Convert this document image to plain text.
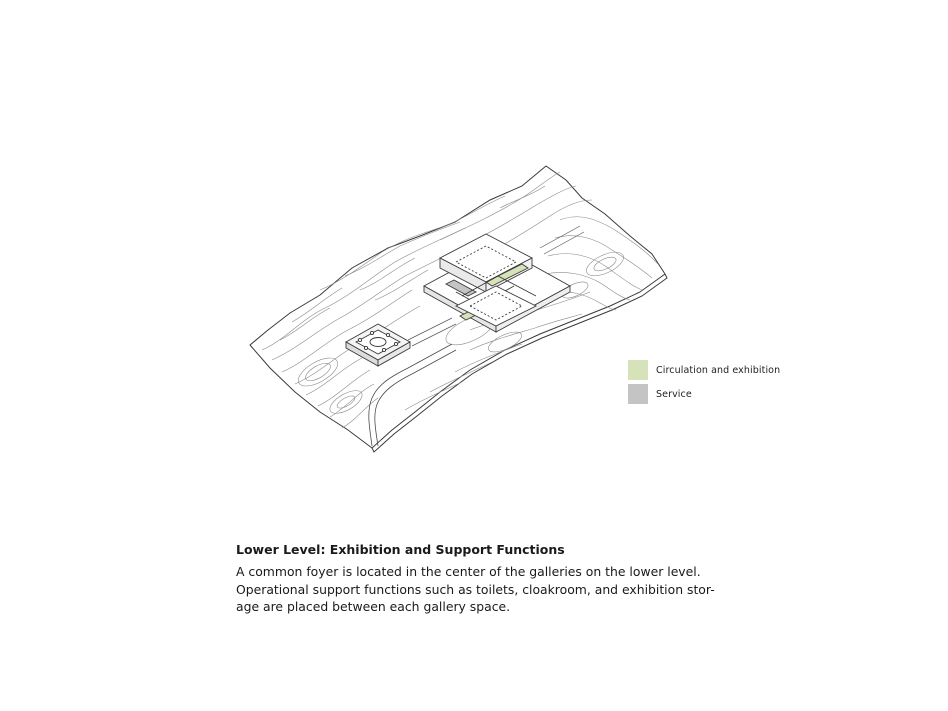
Circulation and exhibition
Service

Lower Level: Exhibition and Support Functions

A common foyer is located in the center of the galleries on the lower level.
Operational support functions such as toilets, cloakroom, and exhibition stor-
age are placed between each gallery space.
